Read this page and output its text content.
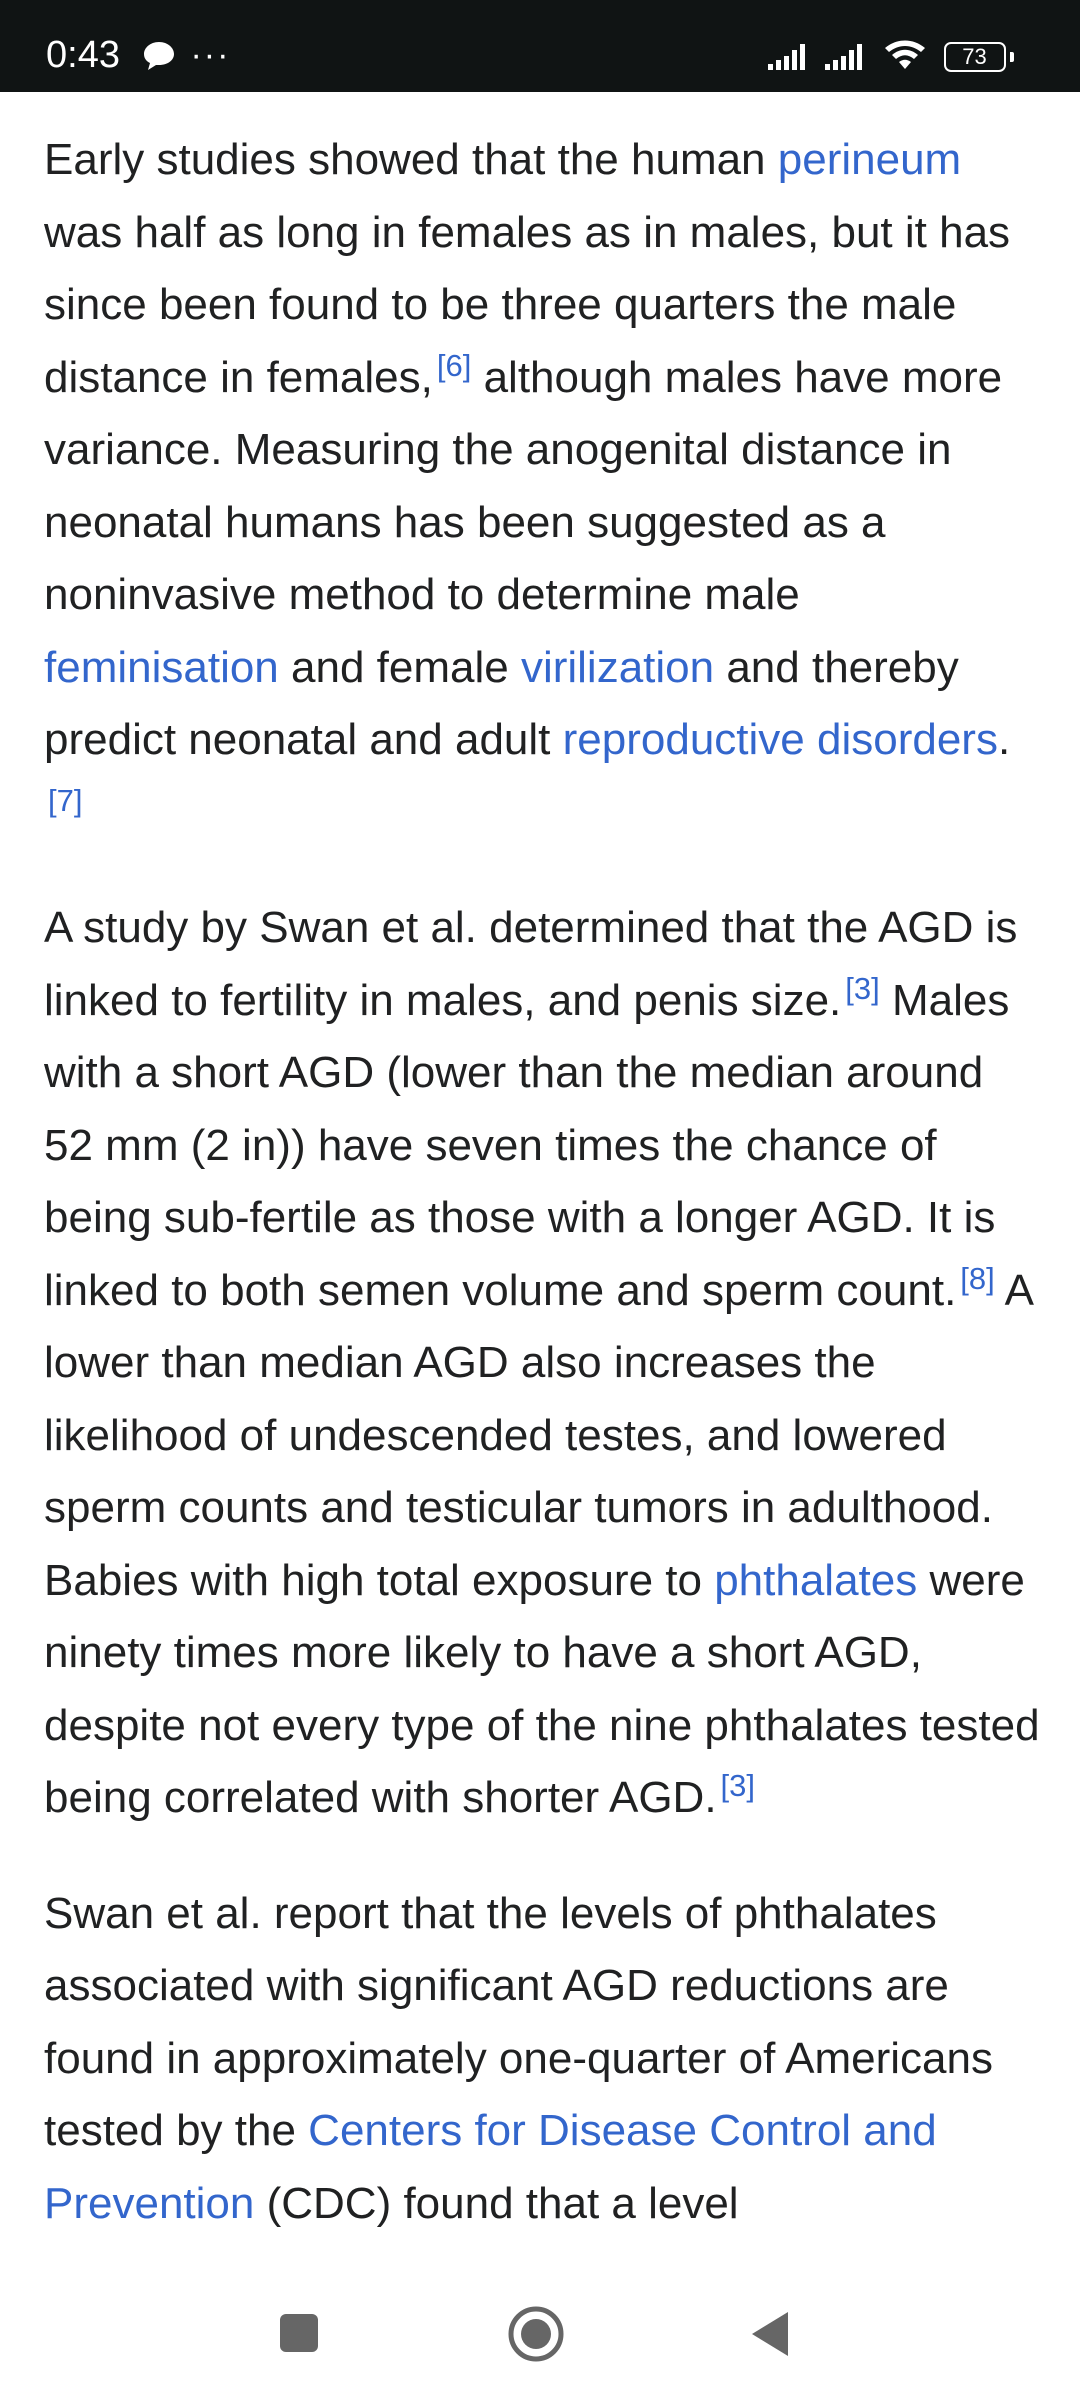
0:43	···	73

Early studies showed that the human perineum was half as long in females as in males, but it has since been found to be three quarters the male distance in females, [6] although males have more variance. Measuring the anogenital distance in neonatal humans has been suggested as a noninvasive method to determine male feminisation and female virilization and thereby predict neonatal and adult reproductive disorders.[7]

A study by Swan et al. determined that the AGD is linked to fertility in males, and penis size. [3] Males with a short AGD (lower than the median around 52 mm (2 in)) have seven times the chance of being sub-fertile as those with a longer AGD. It is linked to both semen volume and sperm count. [8] A lower than median AGD also increases the likelihood of undescended testes, and lowered sperm counts and testicular tumors in adulthood. Babies with high total exposure to phthalates were ninety times more likely to have a short AGD, despite not every type of the nine phthalates tested being correlated with shorter AGD. [3]

Swan et al. report that the levels of phthalates associated with significant AGD reductions are found in approximately one-quarter of Americans tested by the Centers for Disease Control and Prevention (CDC) found that a level
